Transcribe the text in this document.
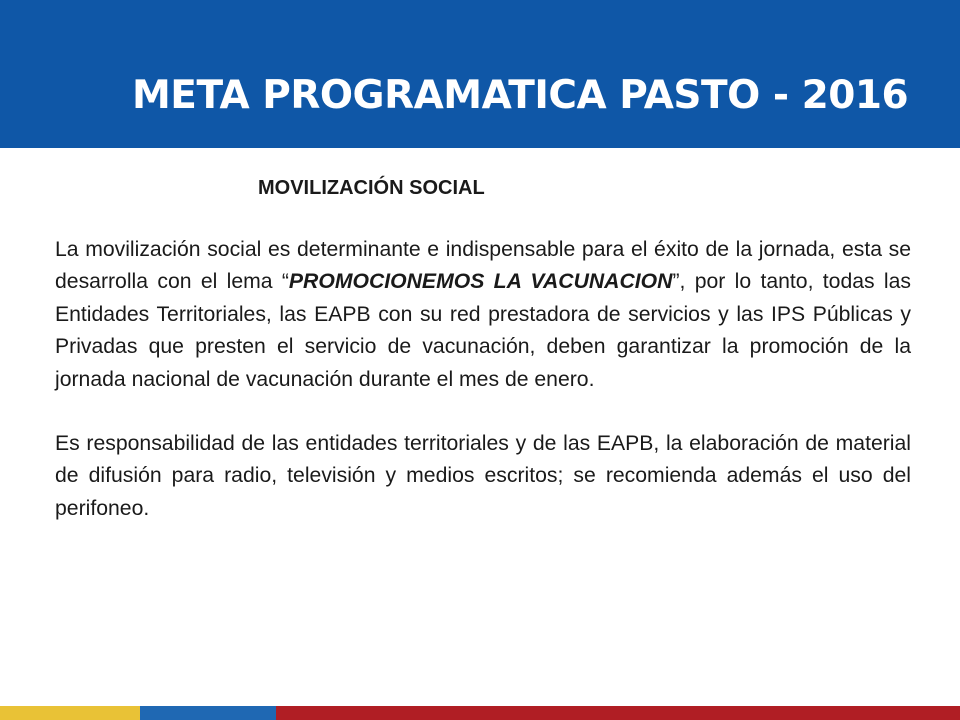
META PROGRAMATICA PASTO - 2016
MOVILIZACIÓN SOCIAL

La movilización social es determinante e indispensable para el éxito de la jornada, esta se desarrolla con el lema “PROMOCIONEMOS LA VACUNACION”, por lo tanto, todas las Entidades Territoriales, las EAPB con su red prestadora de servicios y las IPS Públicas y Privadas que presten el servicio de vacunación, deben garantizar la promoción de la jornada nacional de vacunación durante el mes de enero.

Es responsabilidad de las entidades territoriales y de las EAPB, la elaboración de material de difusión para radio, televisión y medios escritos; se recomienda además el uso del perifoneo.
